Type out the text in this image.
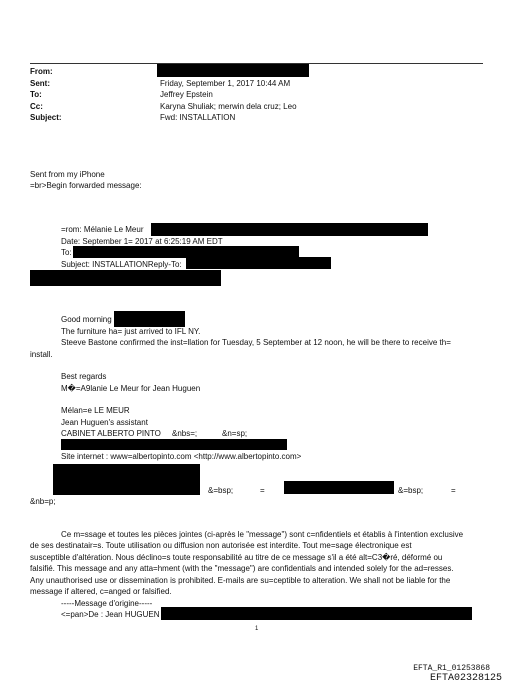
From:
Sent:	Friday, September 1, 2017 10:44 AM
To:	Jeffrey Epstein
Cc:	Karyna Shuliak; merwin dela cruz; Leo
Subject:	Fwd: INSTALLATION
Sent from my iPhone
=br>Begin forwarded message:
=rom: Mélanie Le Meur
Date: September 1= 2017 at 6:25:19 AM EDT
To:
Subject: INSTALLATIONReply-To:
Good morning
The furniture ha= just arrived to IFL NY.
Steeve Bastone confirmed the inst=llation for Tuesday, 5 September at 12 noon, he will be there to receive th=
install.
Best regards
M�=A9lanie Le Meur for Jean Huguen
Mélan=e LE MEUR
Jean Huguen's assistant
CABINET ALBERTO PINTO &nbs=;	&n=sp;
Site internet : www=albertopinto.com <http://www.albertopinto.com>
&=bsp;	=	&=bsp;	=
&nb=p;
Ce m=ssage et toutes les pièces jointes (ci-après le "message") sont c=nfidentiels et établis à l'intention exclusive
de ses destinatair=s. Toute utilisation ou diffusion non autorisée est interdite. Tout me=sage électronique est
susceptible d'altération. Nous déclino=s toute responsabilité au titre de ce message s'il a été alt=C3�ré, déformé ou
falsifié. This message and any atta=hment (with the "message") are confidentials and intended solely for the ad=resses.
Any unauthorised use or dissemination is prohibited. E-mails are su=ceptible to alteration. We shall not be liable for the
message if altered, c=anged or falsified.
-----Message d'origine-----
<=pan>De : Jean HUGUEN
1
EFTA_R1_01253868
EFTA02328125
